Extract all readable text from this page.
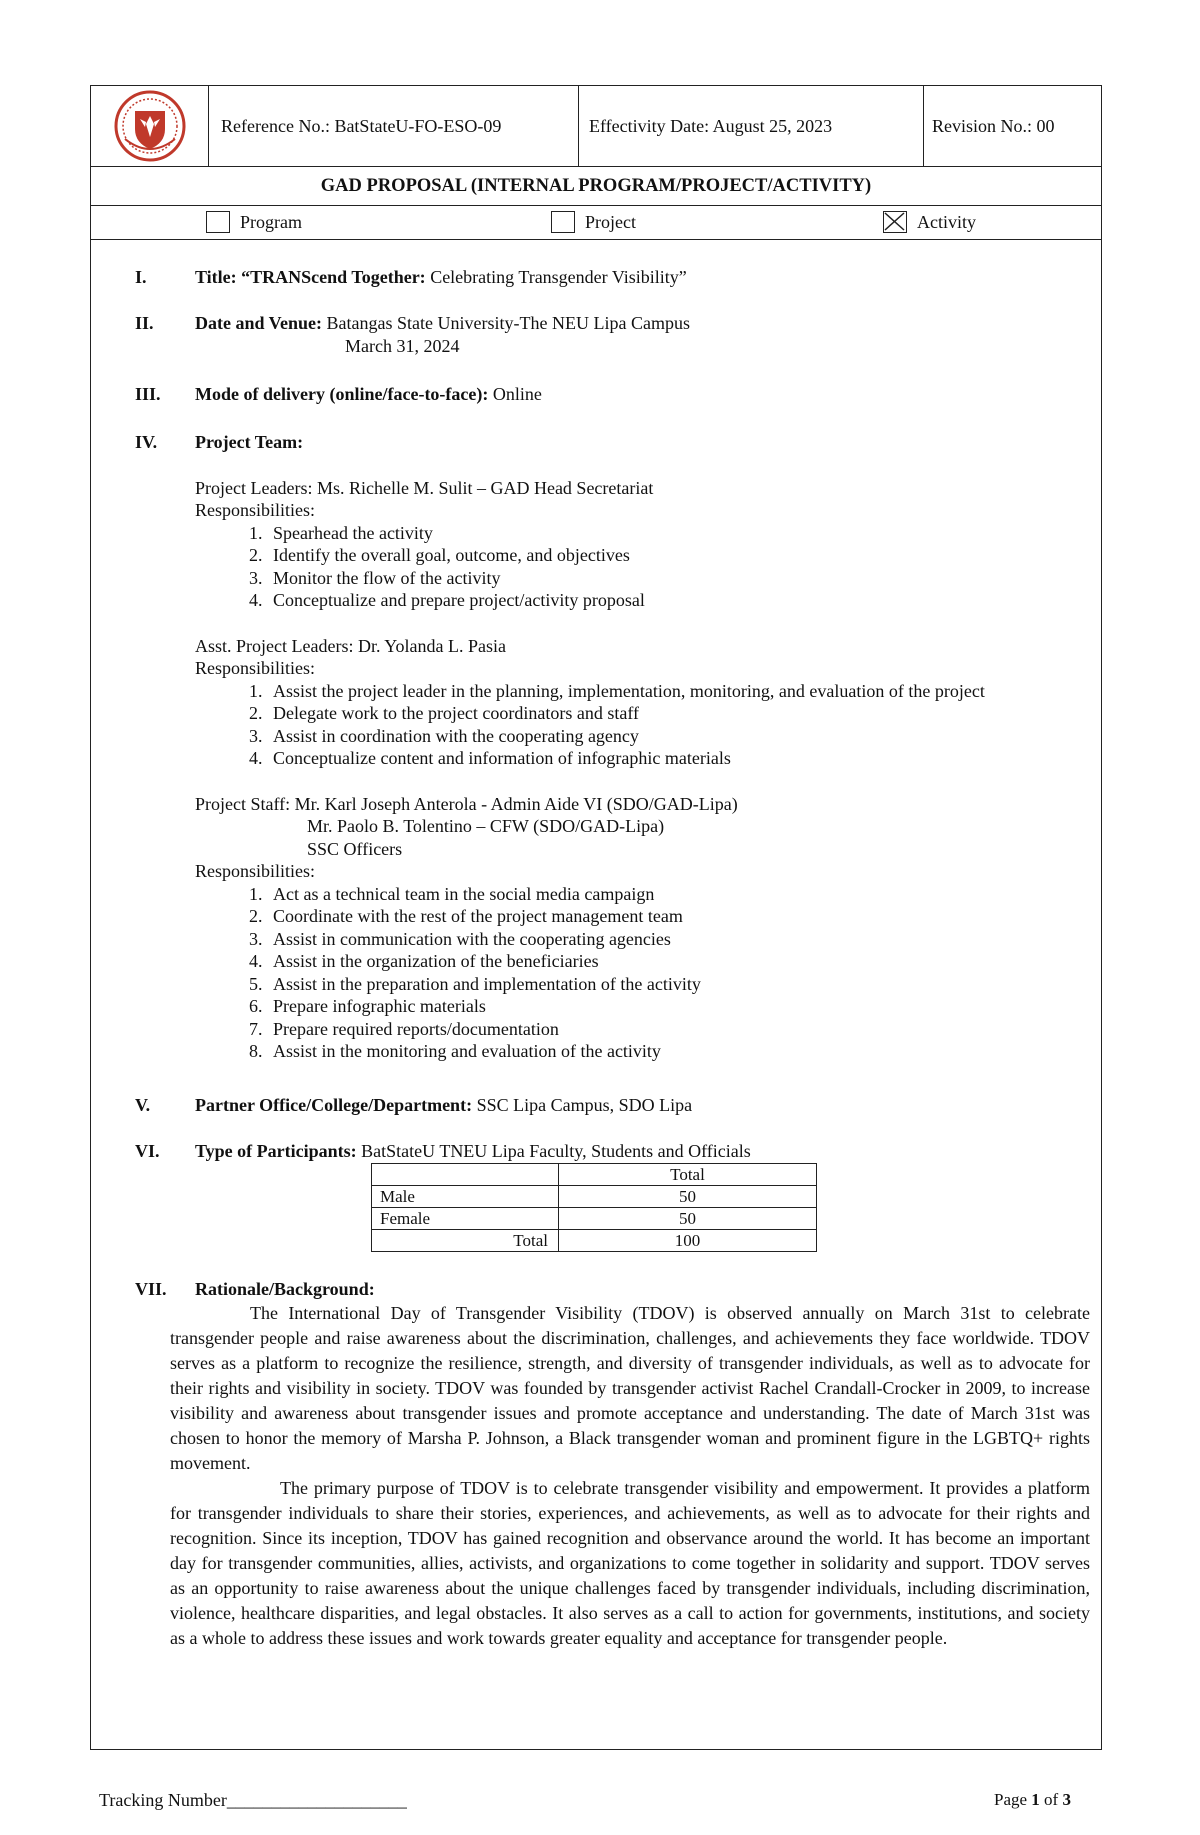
Reference No.: BatStateU-FO-ESO-09	Effectivity Date: August 25, 2023	Revision No.: 00
GAD PROPOSAL (INTERNAL PROGRAM/PROJECT/ACTIVITY)
Program	Project	Activity
I.	Title: “TRANScend Together: Celebrating Transgender Visibility”
II. Date and Venue: Batangas State University-The NEU Lipa Campus
March 31, 2024
III. Mode of delivery (online/face-to-face): Online
IV. Project Team:
Project Leaders: Ms. Richelle M. Sulit – GAD Head Secretariat
Responsibilities:
1. Spearhead the activity
2. Identify the overall goal, outcome, and objectives
3. Monitor the flow of the activity
4. Conceptualize and prepare project/activity proposal
Asst. Project Leaders: Dr. Yolanda L. Pasia
Responsibilities:
1. Assist the project leader in the planning, implementation, monitoring, and evaluation of the project
2. Delegate work to the project coordinators and staff
3. Assist in coordination with the cooperating agency
4. Conceptualize content and information of infographic materials
Project Staff: Mr. Karl Joseph Anterola - Admin Aide VI (SDO/GAD-Lipa)
Mr. Paolo B. Tolentino – CFW (SDO/GAD-Lipa)
SSC Officers
Responsibilities:
1. Act as a technical team in the social media campaign
2. Coordinate with the rest of the project management team
3. Assist in communication with the cooperating agencies
4. Assist in the organization of the beneficiaries
5. Assist in the preparation and implementation of the activity
6. Prepare infographic materials
7. Prepare required reports/documentation
8. Assist in the monitoring and evaluation of the activity
V. Partner Office/College/Department: SSC Lipa Campus, SDO Lipa
VI. Type of Participants: BatStateU TNEU Lipa Faculty, Students and Officials
	Total
Male	50
Female	50
Total	100
VII. Rationale/Background:

The International Day of Transgender Visibility (TDOV) is observed annually on March 31st to celebrate transgender people and raise awareness about the discrimination, challenges, and achievements they face worldwide. TDOV serves as a platform to recognize the resilience, strength, and diversity of transgender individuals, as well as to advocate for their rights and visibility in society. TDOV was founded by transgender activist Rachel Crandall-Crocker in 2009, to increase visibility and awareness about transgender issues and promote acceptance and understanding. The date of March 31st was chosen to honor the memory of Marsha P. Johnson, a Black transgender woman and prominent figure in the LGBTQ+ rights movement.

The primary purpose of TDOV is to celebrate transgender visibility and empowerment. It provides a platform for transgender individuals to share their stories, experiences, and achievements, as well as to advocate for their rights and recognition. Since its inception, TDOV has gained recognition and observance around the world. It has become an important day for transgender communities, allies, activists, and organizations to come together in solidarity and support. TDOV serves as an opportunity to raise awareness about the unique challenges faced by transgender individuals, including discrimination, violence, healthcare disparities, and legal obstacles. It also serves as a call to action for governments, institutions, and society as a whole to address these issues and work towards greater equality and acceptance for transgender people.

Tracking Number____________________	Page 1 of 3
